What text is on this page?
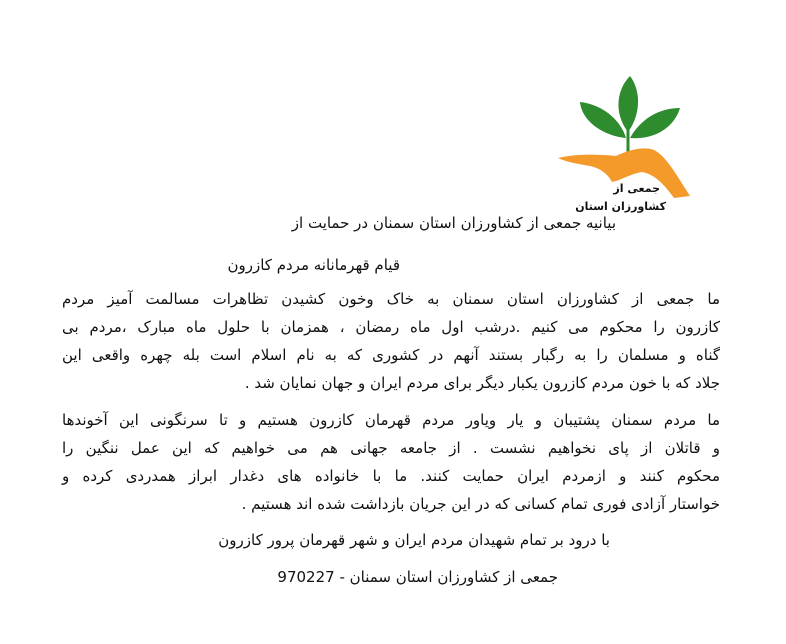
جمعی از
کشاورزان استان
بیانیه جمعی از کشاورزان استان سمنان در حمایت از
قیام قهرمانانه مردم کازرون
ما جمعی از کشاورزان استان سمنان به خاک وخون کشیدن تظاهرات مسالمت آمیز مردم
کازرون را محکوم می کنیم .درشب اول ماه رمضان ، همزمان با حلول ماه مبارک ،مردم بی
گناه و مسلمان را به رگبار بستند آنهم در کشوری که به نام اسلام است بله چهره واقعی این
جلاد که با خون مردم کازرون یکبار دیگر برای مردم ایران و جهان نمایان شد .
ما مردم سمنان پشتیبان و یار ویاور مردم قهرمان کازرون هستیم و تا سرنگونی این آخوندها
و قاتلان از پای نخواهیم نشست . از جامعه جهانی هم می خواهیم که این عمل ننگین را
محکوم کنند و ازمردم ایران حمایت کنند. ما با خانواده های دغدار ابراز همدردی کرده و
خواستار آزادی فوری تمام کسانی که در این جریان بازداشت شده اند هستیم .
با درود بر تمام شهیدان مردم ایران و شهر قهرمان پرور کازرون
جمعی از کشاورزان استان سمنان - 970227
